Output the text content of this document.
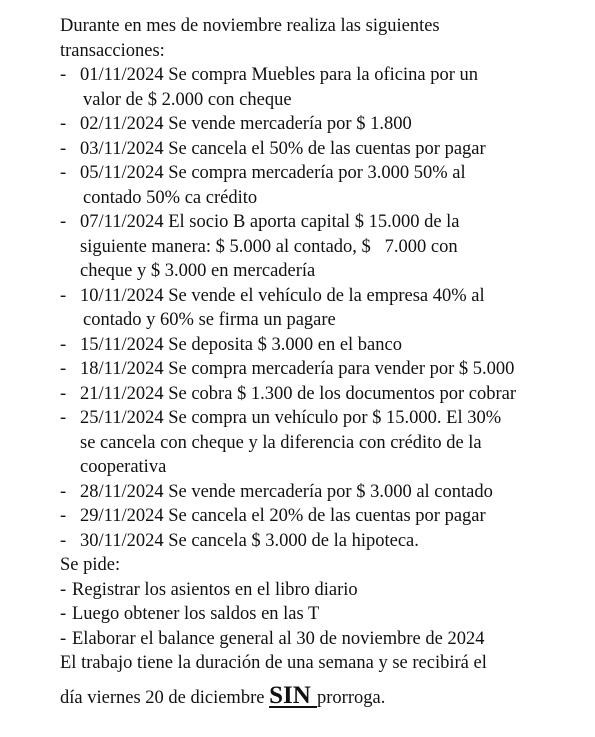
Durante en mes de noviembre realiza las siguientes
transacciones:
- 01/11/2024 Se compra Muebles para la oficina por un
valor de $ 2.000 con cheque
- 02/11/2024 Se vende mercadería por $ 1.800
- 03/11/2024 Se cancela el 50% de las cuentas por pagar
- 05/11/2024 Se compra mercadería por 3.000 50% al
contado 50% ca crédito
- 07/11/2024 El socio B aporta capital $ 15.000 de la
siguiente manera: $ 5.000 al contado, $   7.000 con
cheque y $ 3.000 en mercadería
- 10/11/2024 Se vende el vehículo de la empresa 40% al
contado y 60% se firma un pagare
- 15/11/2024 Se deposita $ 3.000 en el banco
- 18/11/2024 Se compra mercadería para vender por $ 5.000
- 21/11/2024 Se cobra $ 1.300 de los documentos por cobrar
- 25/11/2024 Se compra un vehículo por $ 15.000. El 30%
se cancela con cheque y la diferencia con crédito de la
cooperativa
- 28/11/2024 Se vende mercadería por $ 3.000 al contado
- 29/11/2024 Se cancela el 20% de las cuentas por pagar
- 30/11/2024 Se cancela $ 3.000 de la hipoteca.
Se pide:
- Registrar los asientos en el libro diario
- Luego obtener los saldos en las T
- Elaborar el balance general al 30 de noviembre de 2024
El trabajo tiene la duración de una semana y se recibirá el
día viernes 20 de diciembre SIN prorroga.
